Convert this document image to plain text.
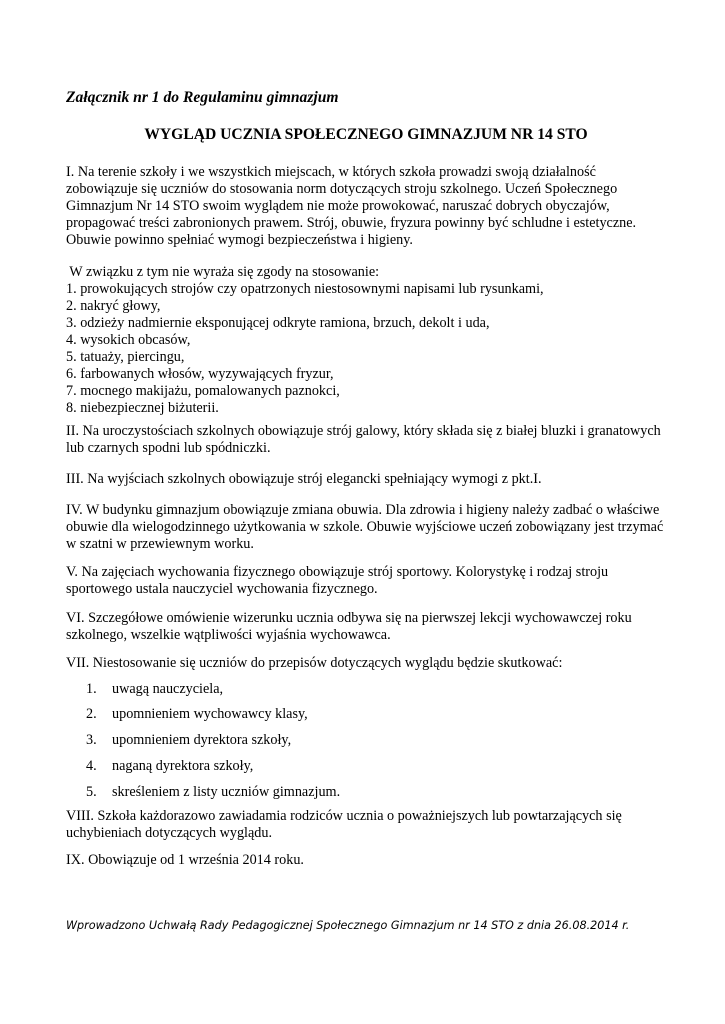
Załącznik nr 1 do Regulaminu gimnazjum
WYGLĄD UCZNIA SPOŁECZNEGO GIMNAZJUM NR 14 STO

I. Na terenie szkoły i we wszystkich miejscach, w których szkoła prowadzi swoją działalność

zobowiązuje się uczniów do stosowania norm dotyczących stroju szkolnego. Uczeń Społecznego

Gimnazjum Nr 14 STO swoim wyglądem nie może prowokować, naruszać dobrych obyczajów,

propagować treści zabronionych prawem. Strój, obuwie, fryzura powinny być schludne i estetyczne.

Obuwie powinno spełniać wymogi bezpieczeństwa i higieny.

W związku z tym nie wyraża się zgody na stosowanie:

1. prowokujących strojów czy opatrzonych niestosownymi napisami lub rysunkami,

2. nakryć głowy,

3. odzieży nadmiernie eksponującej odkryte ramiona, brzuch, dekolt i uda,

4. wysokich obcasów,

5. tatuaży, piercingu,

6. farbowanych włosów, wyzywających fryzur,

7. mocnego makijażu, pomalowanych paznokci,

8. niebezpiecznej biżuterii.

II. Na uroczystościach szkolnych obowiązuje strój galowy, który składa się z białej bluzki i granatowych

lub czarnych spodni lub spódniczki.

III. Na wyjściach szkolnych obowiązuje strój elegancki spełniający wymogi z pkt.I.

IV. W budynku gimnazjum obowiązuje zmiana obuwia. Dla zdrowia i higieny należy zadbać o właściwe

obuwie dla wielogodzinnego użytkowania w szkole. Obuwie wyjściowe uczeń zobowiązany jest trzymać

w szatni w przewiewnym worku.

V. Na zajęciach wychowania fizycznego obowiązuje strój sportowy. Kolorystykę i rodzaj stroju

sportowego ustala nauczyciel wychowania fizycznego.

VI. Szczegółowe omówienie wizerunku ucznia odbywa się na pierwszej lekcji wychowawczej roku

szkolnego, wszelkie wątpliwości wyjaśnia wychowawca.

VII. Niestosowanie się uczniów do przepisów dotyczących wyglądu będzie skutkować:

1. uwagą nauczyciela,
2. upomnieniem wychowawcy klasy,
3. upomnieniem dyrektora szkoły,
4. naganą dyrektora szkoły,
5. skreśleniem z listy uczniów gimnazjum.

VIII. Szkoła każdorazowo zawiadamia rodziców ucznia o poważniejszych lub powtarzających się

uchybieniach dotyczących wyglądu.

IX. Obowiązuje od 1 września 2014 roku.

Wprowadzono Uchwałą Rady Pedagogicznej Społecznego Gimnazjum nr 14 STO z dnia 26.08.2014 r.
